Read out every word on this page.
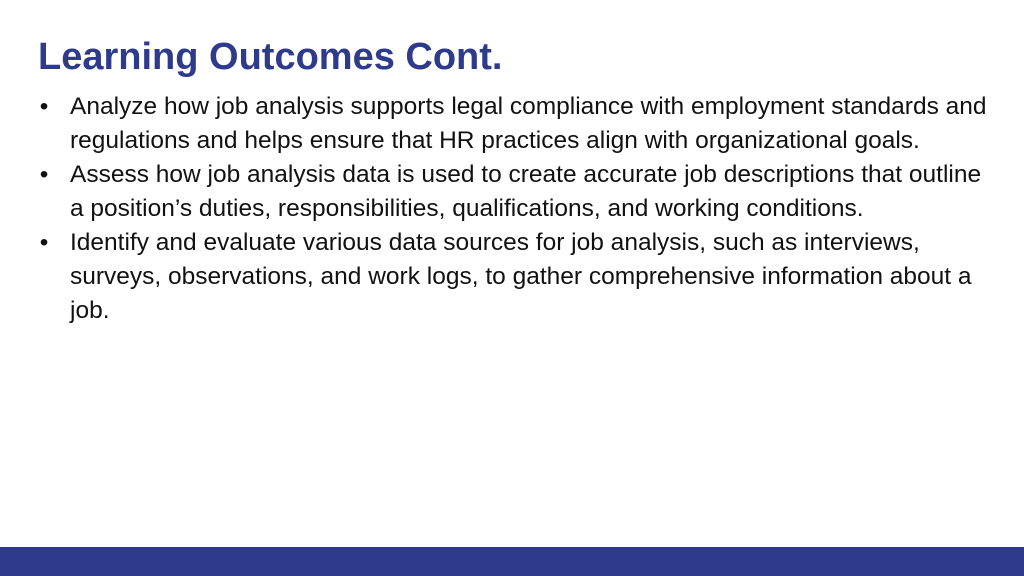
Learning Outcomes Cont.
• Analyze how job analysis supports legal compliance with employment standards and regulations and helps ensure that HR practices align with organizational goals.
• Assess how job analysis data is used to create accurate job descriptions that outline a position’s duties, responsibilities, qualifications, and working conditions.
• Identify and evaluate various data sources for job analysis, such as interviews, surveys, observations, and work logs, to gather comprehensive information about a job.
